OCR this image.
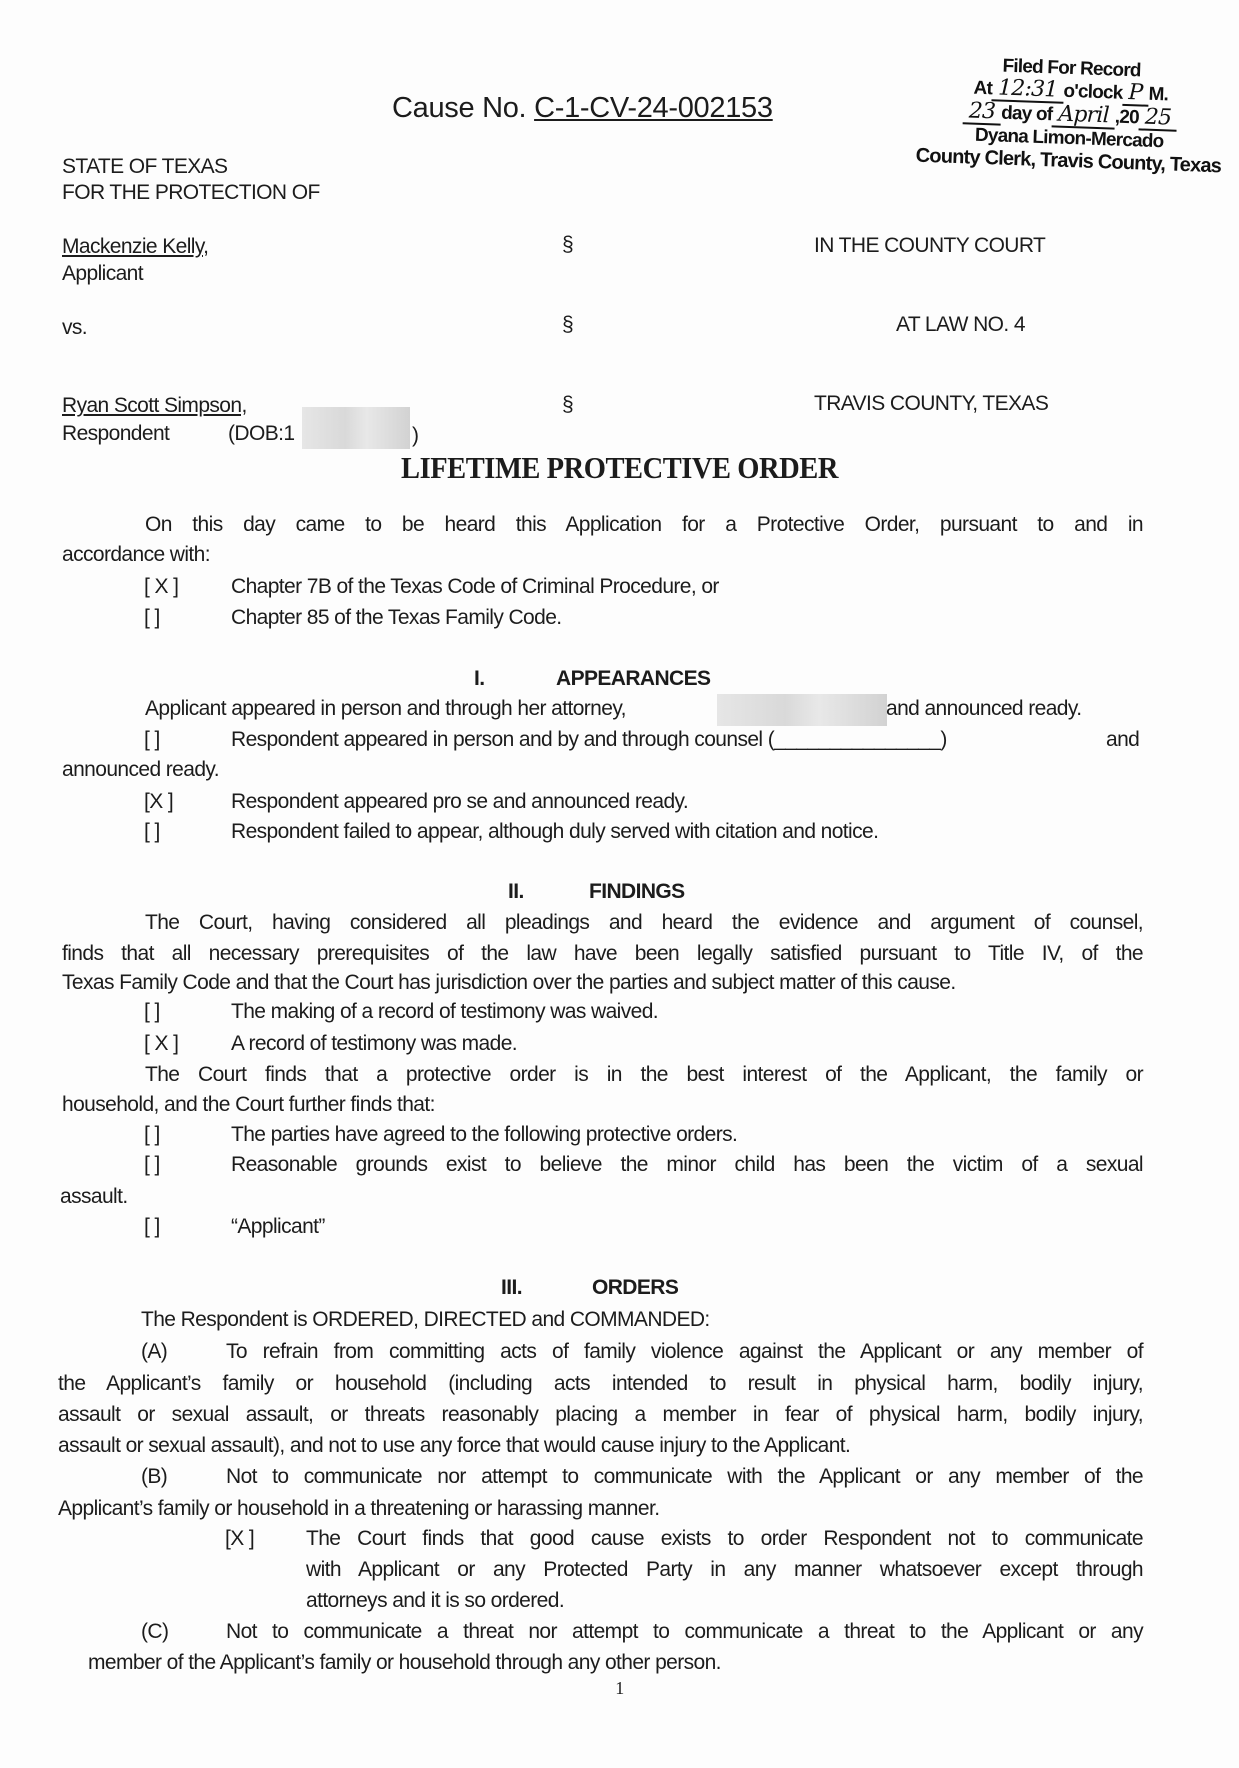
Cause No. C-1-CV-24-002153
Filed For Record
At 12:31 o'clock P M.
23 day of April ,20 25
Dyana Limon-Mercado
County Clerk, Travis County, Texas
STATE OF TEXAS
FOR THE PROTECTION OF
Mackenzie Kelly,
Applicant
§	IN THE COUNTY COURT
vs.	§	AT LAW NO. 4
Ryan Scott Simpson,
Respondent	(DOB:1	)
§	TRAVIS COUNTY, TEXAS
LIFETIME PROTECTIVE ORDER
On this day came to be heard this Application for a Protective Order, pursuant to and in
accordance with:
[ X ]	Chapter 7B of the Texas Code of Criminal Procedure, or
[ ]	Chapter 85 of the Texas Family Code.
I.	APPEARANCES
Applicant appeared in person and through her attorney,	and announced ready.
[ ]	Respondent appeared in person and by and through counsel (_______________)	and
announced ready.
[X ]	Respondent appeared pro se and announced ready.
[ ]	Respondent failed to appear, although duly served with citation and notice.
II.	FINDINGS
The Court, having considered all pleadings and heard the evidence and argument of counsel,
finds that all necessary prerequisites of the law have been legally satisfied pursuant to Title IV, of the
Texas Family Code and that the Court has jurisdiction over the parties and subject matter of this cause.
[ ]	The making of a record of testimony was waived.
[ X ]	A record of testimony was made.
The Court finds that a protective order is in the best interest of the Applicant, the family or
household, and the Court further finds that:
[ ]	The parties have agreed to the following protective orders.
[ ]	Reasonable grounds exist to believe the minor child has been the victim of a sexual
assault.
[ ]	“Applicant”
III.	ORDERS
The Respondent is ORDERED, DIRECTED and COMMANDED:
(A)	To refrain from committing acts of family violence against the Applicant or any member of
the Applicant’s family or household (including acts intended to result in physical harm, bodily injury,
assault or sexual assault, or threats reasonably placing a member in fear of physical harm, bodily injury,
assault or sexual assault), and not to use any force that would cause injury to the Applicant.
(B)	Not to communicate nor attempt to communicate with the Applicant or any member of the
Applicant’s family or household in a threatening or harassing manner.
[X ] The Court finds that good cause exists to order Respondent not to communicate
with Applicant or any Protected Party in any manner whatsoever except through
attorneys and it is so ordered.
(C)	Not to communicate a threat nor attempt to communicate a threat to the Applicant or any
member of the Applicant’s family or household through any other person.
1
